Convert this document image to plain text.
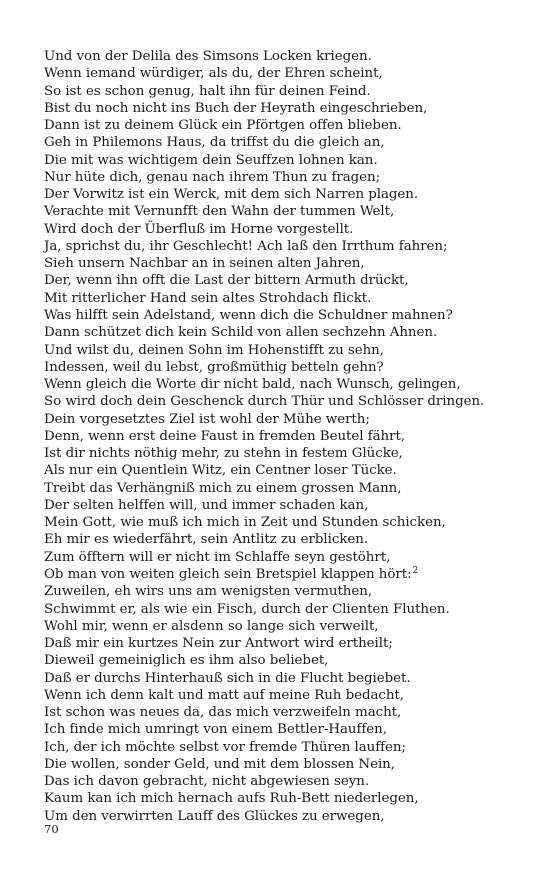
Und von der Delila des Simsons Locken kriegen.
Wenn iemand würdiger, als du, der Ehren scheint,
So ist es schon genug, halt ihn für deinen Feind.
Bist du noch nicht ins Buch der Heyrath eingeschrieben,
Dann ist zu deinem Glück ein Pförtgen offen blieben.
Geh in Philemons Haus, da triffst du die gleich an,
Die mit was wichtigem dein Seuffzen lohnen kan.
Nur hüte dich, genau nach ihrem Thun zu fragen;
Der Vorwitz ist ein Werck, mit dem sich Narren plagen.
Verachte mit Vernunfft den Wahn der tummen Welt,
Wird doch der Überfluß im Horne vorgestellt.
Ja, sprichst du, ihr Geschlecht! Ach laß den Irrthum fahren;
Sieh unsern Nachbar an in seinen alten Jahren,
Der, wenn ihn offt die Last der bittern Armuth drückt,
Mit ritterlicher Hand sein altes Strohdach flickt.
Was hilfft sein Adelstand, wenn dich die Schuldner mahnen?
Dann schützet dich kein Schild von allen sechzehn Ahnen.
Und wilst du, deinen Sohn im Hohenstifft zu sehn,
Indessen, weil du lebst, großmüthig betteln gehn?
Wenn gleich die Worte dir nicht bald, nach Wunsch, gelingen,
So wird doch dein Geschenck durch Thür und Schlösser dringen.
Dein vorgesetztes Ziel ist wohl der Mühe werth;
Denn, wenn erst deine Faust in fremden Beutel fährt,
Ist dir nichts nöthig mehr, zu stehn in festem Glücke,
Als nur ein Quentlein Witz, ein Centner loser Tücke.
Treibt das Verhängniß mich zu einem grossen Mann,
Der selten helffen will, und immer schaden kan,
Mein Gott, wie muß ich mich in Zeit und Stunden schicken,
Eh mir es wiederfährt, sein Antlitz zu erblicken.
Zum öfftern will er nicht im Schlaffe seyn gestöhrt,
Ob man von weiten gleich sein Bretspiel klappen hört:$^2$
Zuweilen, eh wirs uns am wenigsten vermuthen,
Schwimmt er, als wie ein Fisch, durch der Clienten Fluthen.
Wohl mir, wenn er alsdenn so lange sich verweilt,
Daß mir ein kurtzes Nein zur Antwort wird ertheilt;
Dieweil gemeiniglich es ihm also beliebet,
Daß er durchs Hinterhauß sich in die Flucht begiebet.
Wenn ich denn kalt und matt auf meine Ruh bedacht,
Ist schon was neues da, das mich verzweifeln macht,
Ich finde mich umringt von einem Bettler-Hauffen,
Ich, der ich möchte selbst vor fremde Thüren lauffen;
Die wollen, sonder Geld, und mit dem blossen Nein,
Das ich davon gebracht, nicht abgewiesen seyn.
Kaum kan ich mich hernach aufs Ruh-Bett niederlegen,
Um den verwirrten Lauff des Glückes zu erwegen,
70
